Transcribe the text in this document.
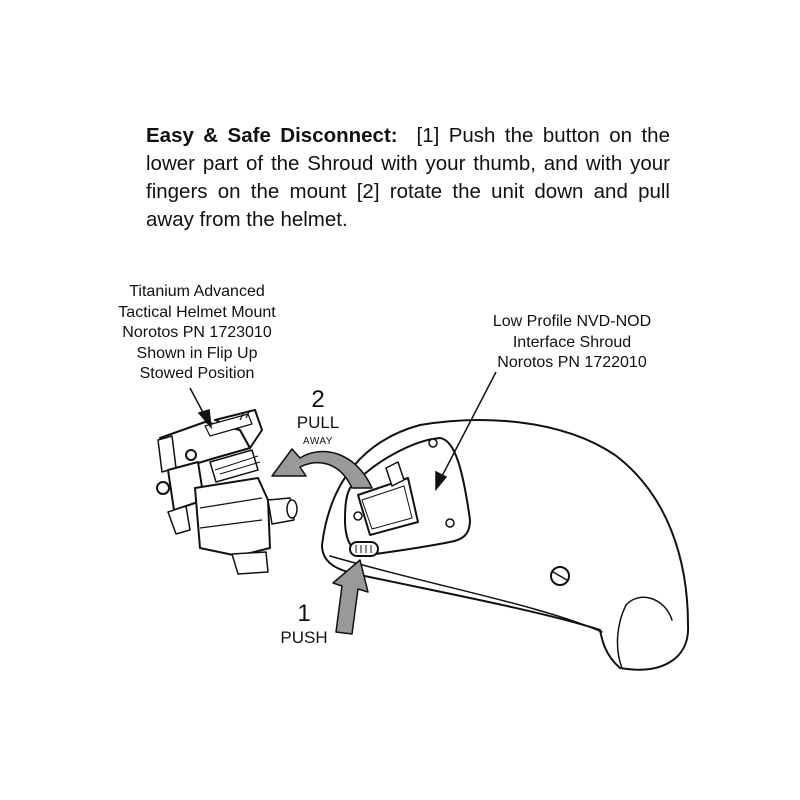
Easy & Safe Disconnect: [1] Push the button on the lower part of the Shroud with your thumb, and with your fingers on the mount [2] rotate the unit down and pull away from the helmet.
Titanium Advanced
Tactical Helmet Mount
Norotos PN 1723010
Shown in Flip Up
Stowed Position
Low Profile NVD-NOD
Interface Shroud
Norotos PN 1722010
2
PULL
AWAY
1
PUSH
